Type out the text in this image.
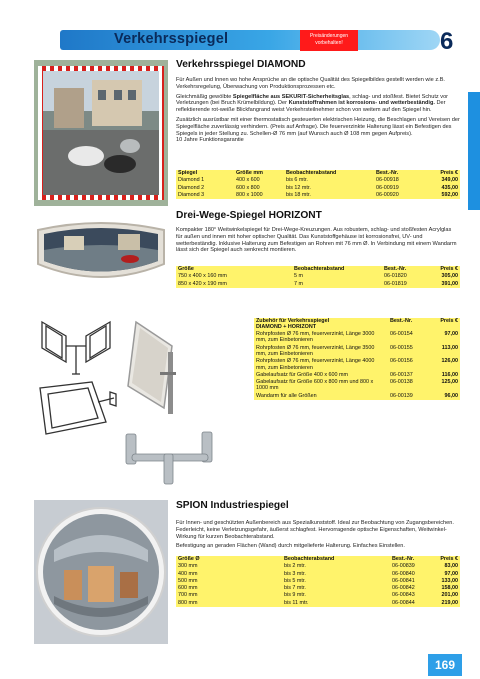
Verkehrsspiegel	Preisänderungen
vorbehalten!	6
Verkehrsspiegel DIAMOND

Für Außen und Innen wo hohe Ansprüche an die optische Qualität des Spiegelbildes gestellt werden wie z.B. Verkehrsregelung, Überwachung von Produktionsprozessen etc.

Gleichmäßig gewölbte Spiegelfläche aus SEKURIT-Sicherheitsglas, schlag- und stoßfest. Bietet Schutz vor Verletzungen (bei Bruch Krümelbildung). Der Kunststoffrahmen ist korrosions- und wetterbeständig. Der reflektierende rot-weiße Blickfangrand weist Verkehrsteilnehmer schon von weitem auf den Spiegel hin.

Zusätzlich ausrüstbar mit einer thermostatisch gesteuerten elektrischen Heizung, die Beschlagen und Vereisen der Spiegelfläche zuverlässig verhindern. (Preis auf Anfrage). Die feuerverzinkte Halterung lässt ein Befestigen des Spiegels in jeder Stellung zu. Schellen-Ø 76 mm (auf Wunsch auch Ø 108 mm gegen Aufpreis).

10 Jahre Funktionsgarantie

Spiegel	Größe mm	Beobachterabstand	Best.-Nr.	Preis €
Diamond 1	400 x 600	bis 6 mtr.	06-00918	349,00
Diamond 2	600 x 800	bis 12 mtr.	06-00919	435,00
Diamond 3	800 x 1000	bis 18 mtr.	06-00920	592,00
Drei-Wege-Spiegel HORIZONT
Kompakter 180° Weitwinkelspiegel für Drei-Wege-Kreuzungen. Aus robustem, schlag- und stoßfesten Acrylglas für außen und innen mit hoher optischer Qualität. Das Kunststoffgehäuse ist korrosionsfrei, UV- und wetterbeständig. Inklusive Halterung zum Befestigen an Rohren mit 76 mm Ø. In Verbindung mit einem Wandarm lässt sich der Spiegel auch senkrecht montieren.
Größe	Beobachterabstand	Best.-Nr.	Preis €
750 x 400 x 160 mm	5 m	06-01820	305,00
850 x 420 x 190 mm	7 m	06-01819	391,00
Zubehör für Verkehrsspiegel
DIAMOND + HORIZONT	Best.-Nr.	Preis €
Rohrpfosten Ø 76 mm, feuerverzinkt, Länge 3000 mm, zum Einbetonieren	06-00154	97,00
Rohrpfosten Ø 76 mm, feuerverzinkt, Länge 3500 mm, zum Einbetonieren	06-00155	113,00
Rohrpfosten Ø 76 mm, feuerverzinkt, Länge 4000 mm, zum Einbetonieren	06-00156	126,00
Gabelaufsatz für Größe 400 x 600 mm	06-00137	116,00
Gabelaufsatz für Größe 600 x 800 mm und 800 x 1000 mm	06-00138	125,00
Wandarm für alle Größen	06-00139	96,00
SPION Industriespiegel

Für Innen- und geschützten Außenbereich aus Spezialkunststoff. Ideal zur Beobachtung von Zugangsbereichen. Federleicht, keine Verletzungsgefahr, äußerst schlagfest. Hervorragende optische Eigenschaften, Weitwinkel-Wirkung für kurzen Beobachterabstand.

Befestigung an geraden Flächen (Wand) durch mitgelieferte Halterung. Einfaches Einstellen.

Größe Ø	Beobachterabstand	Best.-Nr.	Preis €
300 mm	bis 2 mtr.	06-00839	83,00
400 mm	bis 3 mtr.	06-00840	97,00
500 mm	bis 5 mtr.	06-00841	133,00
600 mm	bis 7 mtr.	06-00842	158,00
700 mm	bis 9 mtr.	06-00843	201,00
800 mm	bis 11 mtr.	06-00844	219,00
169
